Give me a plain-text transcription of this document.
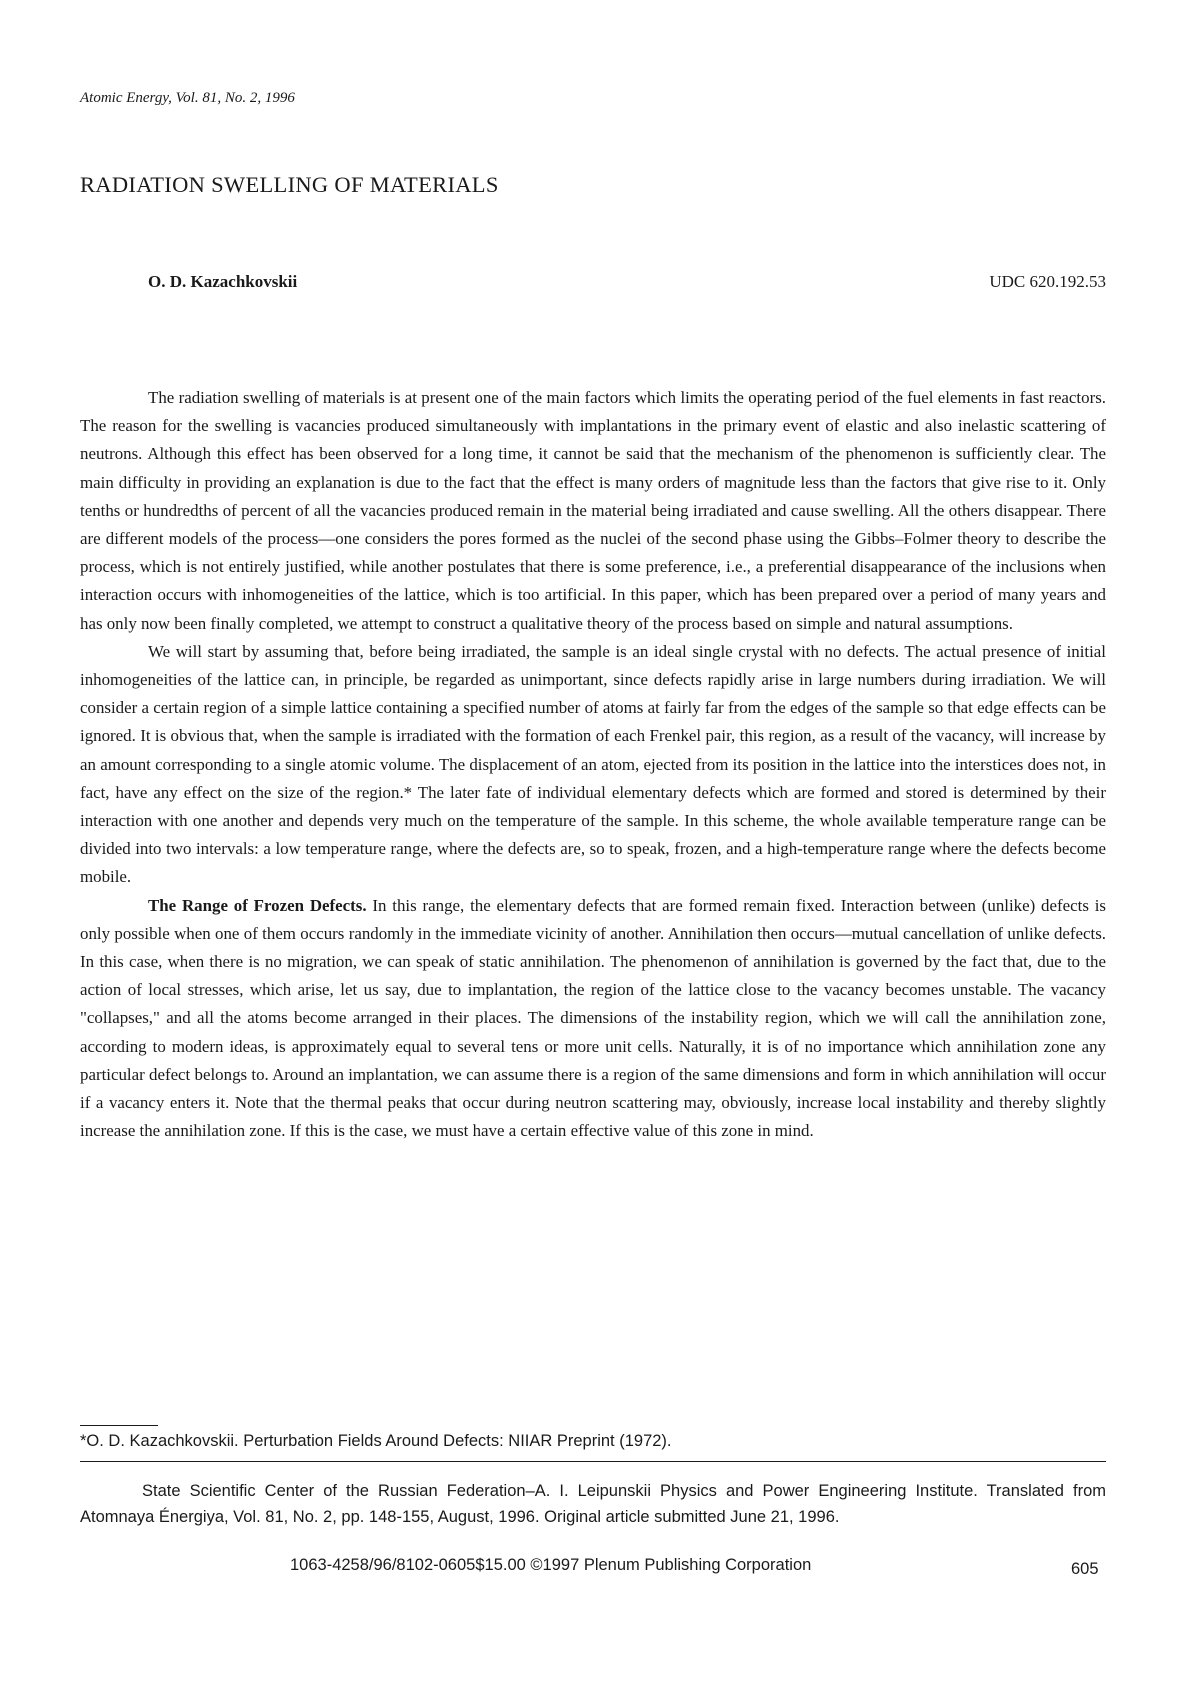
Atomic Energy, Vol. 81, No. 2, 1996

RADIATION SWELLING OF MATERIALS

O. D. Kazachkovskii	UDC 620.192.53

The radiation swelling of materials is at present one of the main factors which limits the operating period of the fuel elements in fast reactors. The reason for the swelling is vacancies produced simultaneously with implantations in the primary event of elastic and also inelastic scattering of neutrons. Although this effect has been observed for a long time, it cannot be said that the mechanism of the phenomenon is sufficiently clear. The main difficulty in providing an explanation is due to the fact that the effect is many orders of magnitude less than the factors that give rise to it. Only tenths or hundredths of percent of all the vacancies produced remain in the material being irradiated and cause swelling. All the others disappear. There are different models of the process—one considers the pores formed as the nuclei of the second phase using the Gibbs–Folmer theory to describe the process, which is not entirely justified, while another postulates that there is some preference, i.e., a preferential disappearance of the inclusions when interaction occurs with inhomogeneities of the lattice, which is too artificial. In this paper, which has been prepared over a period of many years and has only now been finally completed, we attempt to construct a qualitative theory of the process based on simple and natural assumptions.

We will start by assuming that, before being irradiated, the sample is an ideal single crystal with no defects. The actual presence of initial inhomogeneities of the lattice can, in principle, be regarded as unimportant, since defects rapidly arise in large numbers during irradiation. We will consider a certain region of a simple lattice containing a specified number of atoms at fairly far from the edges of the sample so that edge effects can be ignored. It is obvious that, when the sample is irradiated with the formation of each Frenkel pair, this region, as a result of the vacancy, will increase by an amount corresponding to a single atomic volume. The displacement of an atom, ejected from its position in the lattice into the interstices does not, in fact, have any effect on the size of the region.* The later fate of individual elementary defects which are formed and stored is determined by their interaction with one another and depends very much on the temperature of the sample. In this scheme, the whole available temperature range can be divided into two intervals: a low temperature range, where the defects are, so to speak, frozen, and a high-temperature range where the defects become mobile.

The Range of Frozen Defects. In this range, the elementary defects that are formed remain fixed. Interaction between (unlike) defects is only possible when one of them occurs randomly in the immediate vicinity of another. Annihilation then occurs—mutual cancellation of unlike defects. In this case, when there is no migration, we can speak of static annihilation. The phenomenon of annihilation is governed by the fact that, due to the action of local stresses, which arise, let us say, due to implantation, the region of the lattice close to the vacancy becomes unstable. The vacancy "collapses," and all the atoms become arranged in their places. The dimensions of the instability region, which we will call the annihilation zone, according to modern ideas, is approximately equal to several tens or more unit cells. Naturally, it is of no importance which annihilation zone any particular defect belongs to. Around an implantation, we can assume there is a region of the same dimensions and form in which annihilation will occur if a vacancy enters it. Note that the thermal peaks that occur during neutron scattering may, obviously, increase local instability and thereby slightly increase the annihilation zone. If this is the case, we must have a certain effective value of this zone in mind.

*O. D. Kazachkovskii. Perturbation Fields Around Defects: NIIAR Preprint (1972).

State Scientific Center of the Russian Federation–A. I. Leipunskii Physics and Power Engineering Institute. Translated from Atomnaya Énergiya, Vol. 81, No. 2, pp. 148-155, August, 1996. Original article submitted June 21, 1996.

1063-4258/96/8102-0605$15.00 ©1997 Plenum Publishing Corporation	605
